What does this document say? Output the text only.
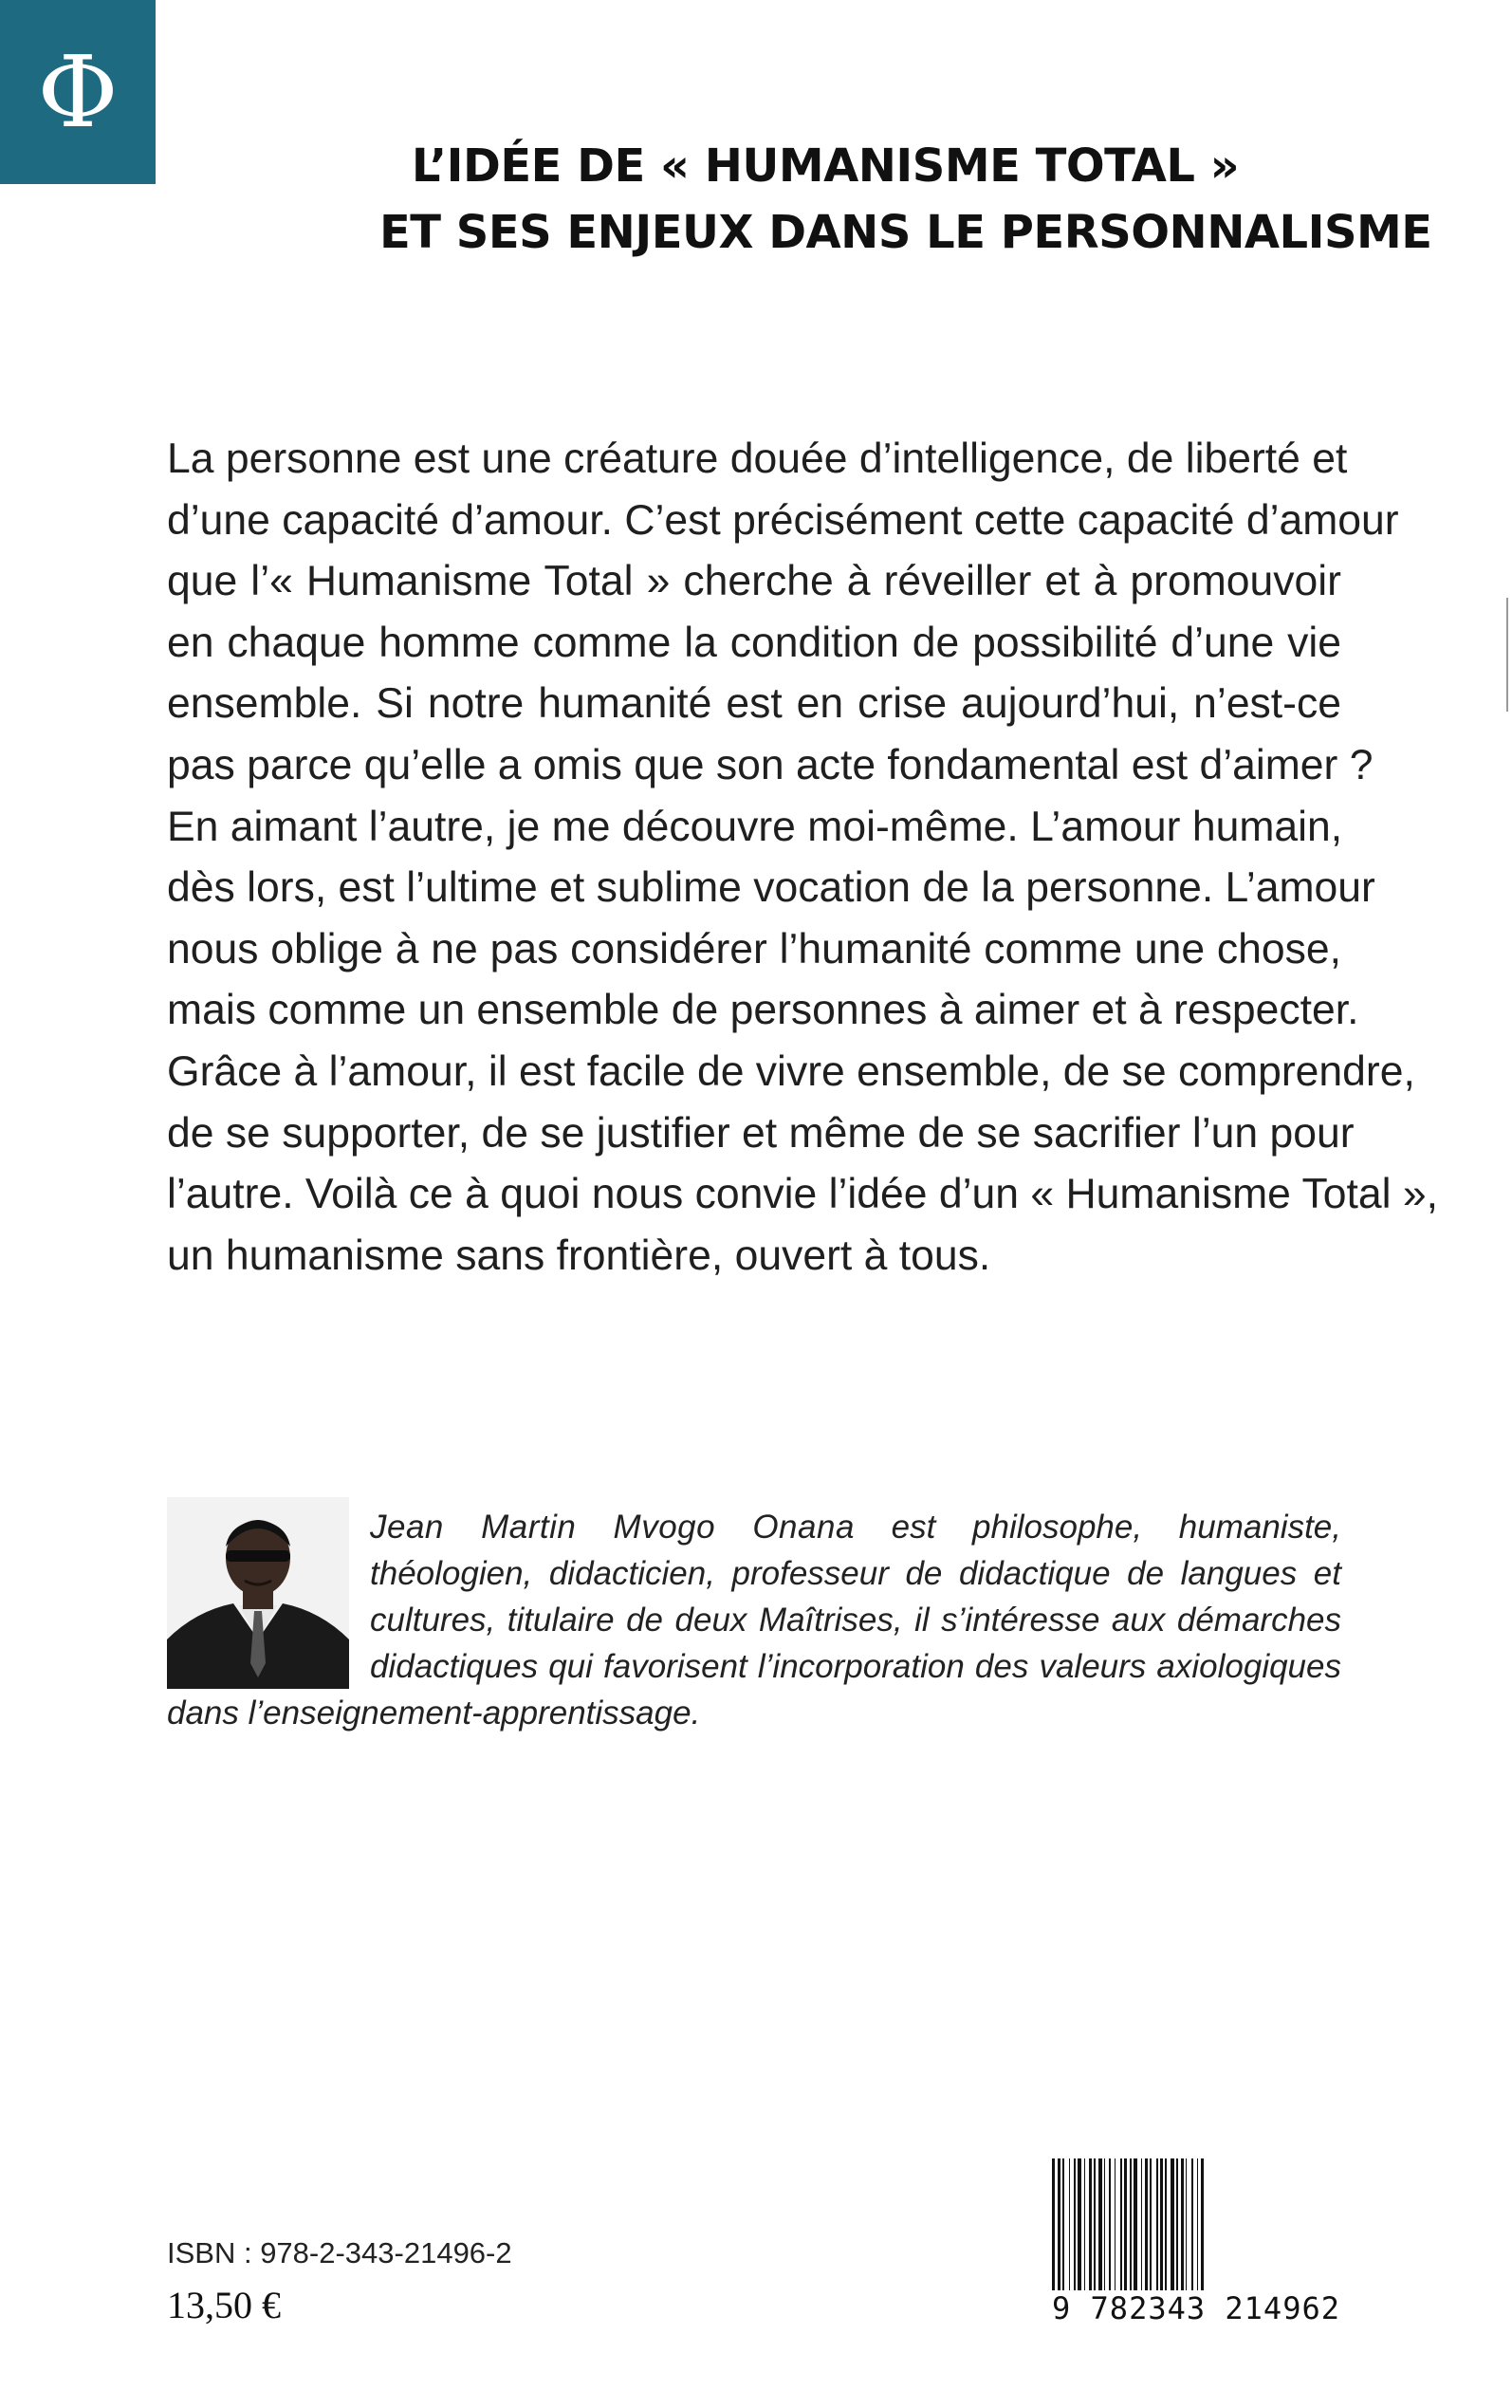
Φ
L’IDÉE DE « HUMANISME TOTAL »
ET SES ENJEUX DANS LE PERSONNALISME
La personne est une créature douée d’intelligence, de liberté et
d’une capacité d’amour. C’est précisément cette capacité d’amour
que l’« Humanisme Total » cherche à réveiller et à promouvoir
en chaque homme comme la condition de possibilité d’une vie
ensemble. Si notre humanité est en crise aujourd’hui, n’est-ce
pas parce qu’elle a omis que son acte fondamental est d’aimer ?
En aimant l’autre, je me découvre moi-même. L’amour humain,
dès lors, est l’ultime et sublime vocation de la personne. L’amour
nous oblige à ne pas considérer l’humanité comme une chose,
mais comme un ensemble de personnes à aimer et à respecter.
Grâce à l’amour, il est facile de vivre ensemble, de se comprendre,
de se supporter, de se justifier et même de se sacrifier l’un pour
l’autre. Voilà ce à quoi nous convie l’idée d’un « Humanisme Total »,
un humanisme sans frontière, ouvert à tous.
Jean Martin Mvogo Onana est philosophe, humaniste,
théologien, didacticien, professeur de didactique de langues et
cultures, titulaire de deux Maîtrises, il s’intéresse aux démarches
didactiques qui favorisent l’incorporation des valeurs axiologiques
dans l’enseignement-apprentissage.
ISBN : 978-2-343-21496-2
13,50 €	9 782343 214962
